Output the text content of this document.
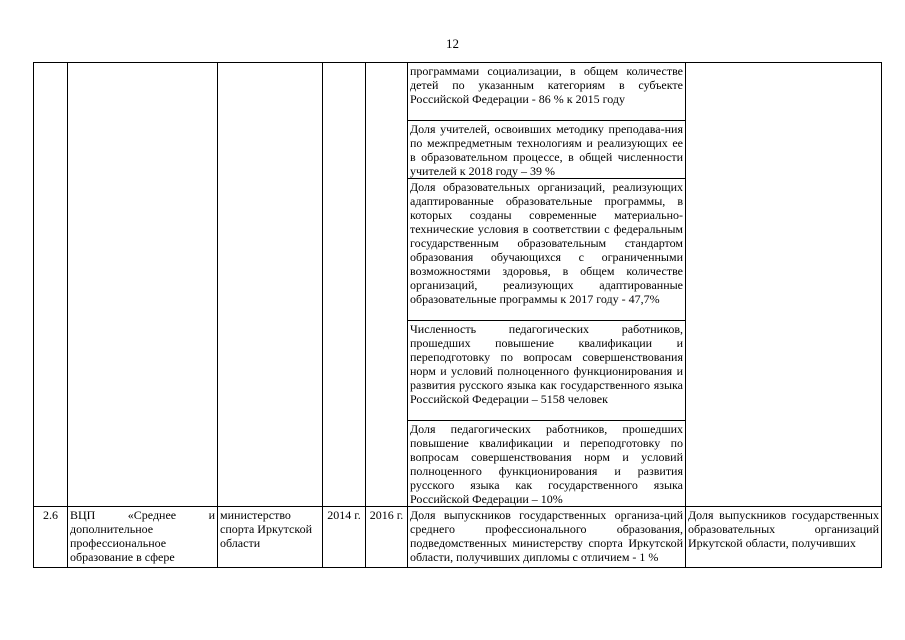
12
					программами социализации, в общем количестве детей по указанным категориям в субъекте Российской Федерации - 86 % к 2015 году	
					Доля учителей, освоивших методику преподава-ния по межпредметным технологиям и реализующих ее в образовательном процессе, в общей численности учителей к 2018 году – 39 %	
					Доля образовательных организаций, реализующих адаптированные образовательные программы, в которых созданы современные материально-технические условия в соответствии с федеральным государственным образовательным стандартом образования обучающихся с ограниченными возможностями здоровья, в общем количестве организаций, реализующих адаптированные образовательные программы к 2017 году - 47,7%	
					Численность педагогических работников, прошедших повышение квалификации и переподготовку по вопросам совершенствования норм и условий полноценного функционирования и развития русского языка как государственного языка Российской Федерации – 5158 человек	
					Доля педагогических работников, прошедших повышение квалификации и переподготовку по вопросам совершенствования норм и условий полноценного функционирования и развития русского языка как государственного языка Российской Федерации – 10%	
2.6	ВЦП «Среднее и дополнительное профессиональное образование в сфере	министерство спорта Иркутской области	2014 г.	2016 г.	Доля выпускников государственных организа-ций среднего профессионального образования, подведомственных министерству спорта Иркутской области, получивших дипломы с отличием - 1 %	Доля выпускников государственных образовательных организаций Иркутской области, получивших
